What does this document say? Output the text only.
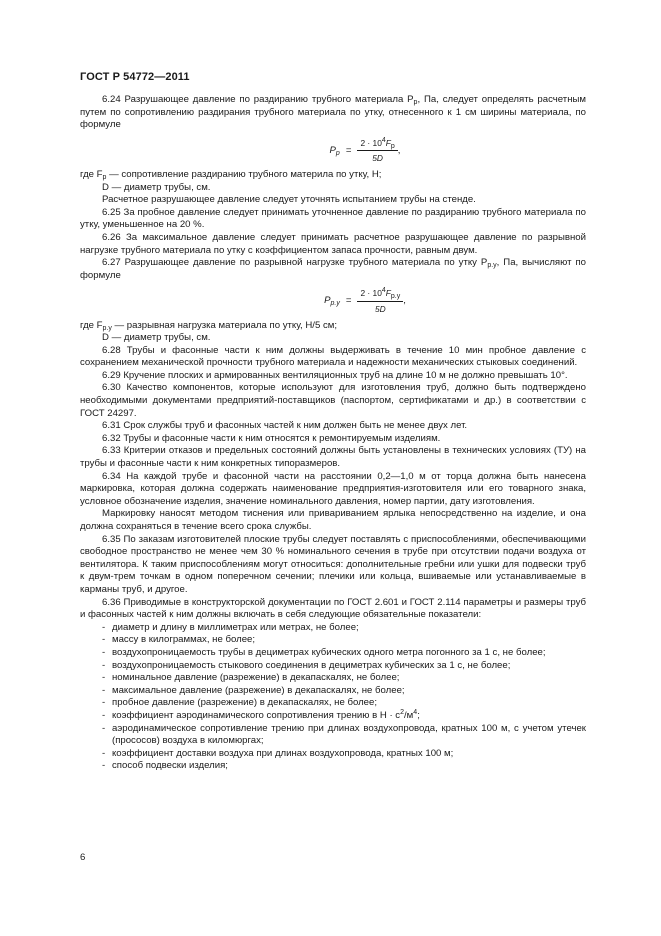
ГОСТ Р 54772—2011

6.24 Разрушающее давление по раздиранию трубного материала $P_р$, Па, следует определять расчетным путем по сопротивлению раздирания трубного материала по утку, отнесенного к 1 см ширины материала, по формуле

$P_р = \frac{2 \cdot 10^4F_р}{5D}$ ,

где $F_р$ — сопротивление раздиранию трубного материла по утку, Н;

D — диаметр трубы, см.

Расчетное разрушающее давление следует уточнять испытанием трубы на стенде.

6.25 За пробное давление следует принимать уточненное давление по раздиранию трубного материала по утку, уменьшенное на 20 %.

6.26 За максимальное давление следует принимать расчетное разрушающее давление по разрывной нагрузке трубного материала по утку с коэффициентом запаса прочности, равным двум.

6.27 Разрушающее давление по разрывной нагрузке трубного материала по утку $P_{р.у}$, Па, вычисляют по формуле

$P_{р.у} = \frac{2 \cdot 10^4F_{р.у}}{5D}$ ,

где $F_{р.у}$ — разрывная нагрузка материала по утку, Н/5 см;

D — диаметр трубы, см.

6.28 Трубы и фасонные части к ним должны выдерживать в течение 10 мин пробное давление с сохранением механической прочности трубного материала и надежности механических стыковых соединений.

6.29 Кручение плоских и армированных вентиляционных труб на длине 10 м не должно превышать 10°.

6.30 Качество компонентов, которые используют для изготовления труб, должно быть подтверждено необходимыми документами предприятий-поставщиков (паспортом, сертификатами и др.) в соответствии с ГОСТ 24297.

6.31 Срок службы труб и фасонных частей к ним должен быть не менее двух лет.

6.32 Трубы и фасонные части к ним относятся к ремонтируемым изделиям.

6.33 Критерии отказов и предельных состояний должны быть установлены в технических условиях (ТУ) на трубы и фасонные части к ним конкретных типоразмеров.

6.34 На каждой трубе и фасонной части на расстоянии 0,2—1,0 м от торца должна быть нанесена маркировка, которая должна содержать наименование предприятия-изготовителя или его товарного знака, условное обозначение изделия, значение номинального давления, номер партии, дату изготовления.

Маркировку наносят методом тиснения или привариванием ярлыка непосредственно на изделие, и она должна сохраняться в течение всего срока службы.

6.35 По заказам изготовителей плоские трубы следует поставлять с приспособлениями, обеспечивающими свободное пространство не менее чем 30 % номинального сечения в трубе при отсутствии подачи воздуха от вентилятора. К таким приспособлениям могут относиться: дополнительные гребни или ушки для подвески труб к двум-трем точкам в одном поперечном сечении; плечики или кольца, вшиваемые или устанавливаемые в карманы труб, и другое.

6.36 Приводимые в конструкторской документации по ГОСТ 2.601 и ГОСТ 2.114 параметры и размеры труб и фасонных частей к ним должны включать в себя следующие обязательные показатели:

- диаметр и длину в миллиметрах или метрах, не более;
- массу в килограммах, не более;
- воздухопроницаемость трубы в дециметрах кубических одного метра погонного за 1 с, не более;
- воздухопроницаемость стыкового соединения в дециметрах кубических за 1 с, не более;
- номинальное давление (разрежение) в декапаскалях, не более;
- максимальное давление (разрежение) в декапаскалях, не более;
- пробное давление (разрежение) в декапаскалях, не более;
- коэффициент аэродинамического сопротивления трению в $Н \cdot с^2/м^4$;
- аэродинамическое сопротивление трению при длинах воздухопровода, кратных 100 м, с учетом утечек (прососов) воздуха в киломюргах;
- коэффициент доставки воздуха при длинах воздухопровода, кратных 100 м;
- способ подвески изделия;
6
